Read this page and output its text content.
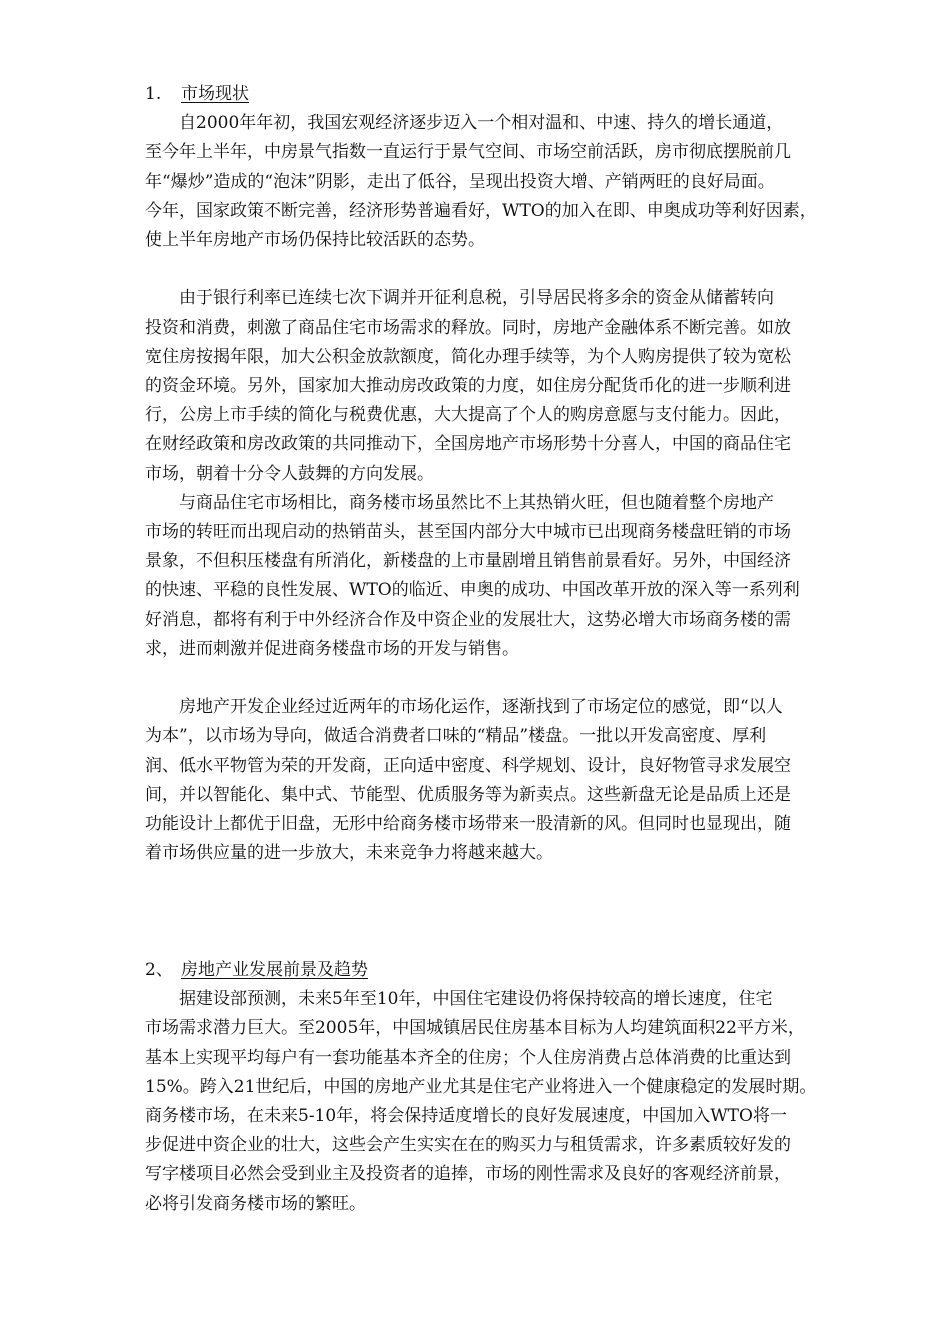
1.	市场现状
　　自2000年年初，我国宏观经济逐步迈入一个相对温和、中速、持久的增长通道，
至今年上半年，中房景气指数一直运行于景气空间、市场空前活跃，房市彻底摆脱前几
年“爆炒”造成的“泡沫”阴影，走出了低谷，呈现出投资大增、产销两旺的良好局面。
今年，国家政策不断完善，经济形势普遍看好，WTO的加入在即、申奥成功等利好因素，
使上半年房地产市场仍保持比较活跃的态势。
　　由于银行利率已连续七次下调并开征利息税，引导居民将多余的资金从储蓄转向
投资和消费，刺激了商品住宅市场需求的释放。同时，房地产金融体系不断完善。如放
宽住房按揭年限，加大公积金放款额度，简化办理手续等，为个人购房提供了较为宽松
的资金环境。另外，国家加大推动房改政策的力度，如住房分配货币化的进一步顺利进
行，公房上市手续的简化与税费优惠，大大提高了个人的购房意愿与支付能力。因此，
在财经政策和房改政策的共同推动下，全国房地产市场形势十分喜人，中国的商品住宅
市场，朝着十分令人鼓舞的方向发展。
　　与商品住宅市场相比，商务楼市场虽然比不上其热销火旺，但也随着整个房地产
市场的转旺而出现启动的热销苗头，甚至国内部分大中城市已出现商务楼盘旺销的市场
景象，不但积压楼盘有所消化，新楼盘的上市量剧增且销售前景看好。另外，中国经济
的快速、平稳的良性发展、WTO的临近、申奥的成功、中国改革开放的深入等一系列利
好消息，都将有利于中外经济合作及中资企业的发展壮大，这势必增大市场商务楼的需
求，进而刺激并促进商务楼盘市场的开发与销售。
　　房地产开发企业经过近两年的市场化运作，逐渐找到了市场定位的感觉，即“以人
为本”，以市场为导向，做适合消费者口味的“精品”楼盘。一批以开发高密度、厚利
润、低水平物管为荣的开发商，正向适中密度、科学规划、设计，良好物管寻求发展空
间，并以智能化、集中式、节能型、优质服务等为新卖点。这些新盘无论是品质上还是
功能设计上都优于旧盘，无形中给商务楼市场带来一股清新的风。但同时也显现出，随
着市场供应量的进一步放大，未来竞争力将越来越大。
2、 房地产业发展前景及趋势
　　据建设部预测，未来5年至10年，中国住宅建设仍将保持较高的增长速度，住宅
市场需求潜力巨大。至2005年，中国城镇居民住房基本目标为人均建筑面积22平方米，
基本上实现平均每户有一套功能基本齐全的住房；个人住房消费占总体消费的比重达到
15%。跨入21世纪后，中国的房地产业尤其是住宅产业将进入一个健康稳定的发展时期。
商务楼市场，在未来5-10年，将会保持适度增长的良好发展速度，中国加入WTO将一
步促进中资企业的壮大，这些会产生实实在在的购买力与租赁需求，许多素质较好发的
写字楼项目必然会受到业主及投资者的追捧，市场的刚性需求及良好的客观经济前景，
必将引发商务楼市场的繁旺。
